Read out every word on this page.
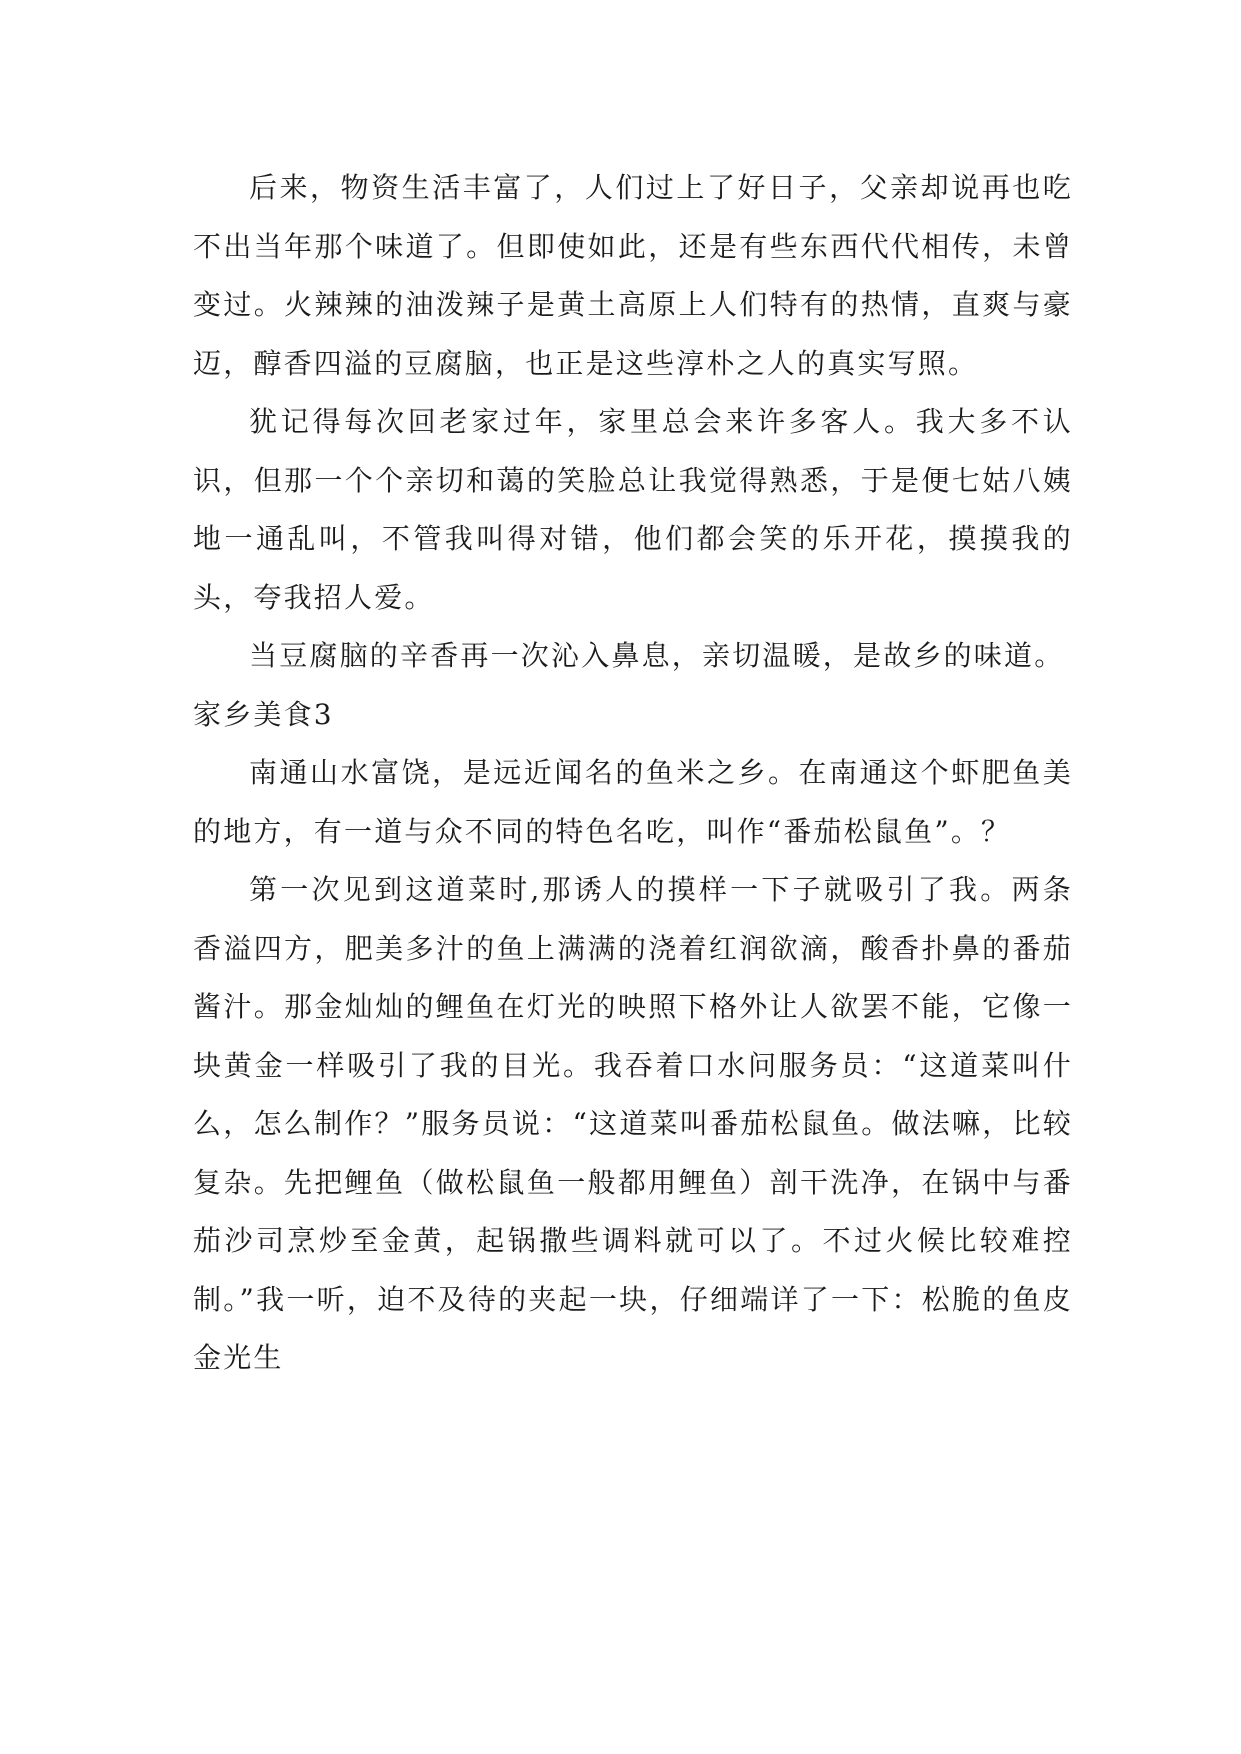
后来，物资生活丰富了，人们过上了好日子，父亲却说再也吃不出当年那个味道了。但即使如此，还是有些东西代代相传，未曾变过。火辣辣的油泼辣子是黄土高原上人们特有的热情，直爽与豪迈，醇香四溢的豆腐脑，也正是这些淳朴之人的真实写照。

犹记得每次回老家过年，家里总会来许多客人。我大多不认识，但那一个个亲切和蔼的笑脸总让我觉得熟悉，于是便七姑八姨地一通乱叫，不管我叫得对错，他们都会笑的乐开花，摸摸我的头，夸我招人爱。

当豆腐脑的辛香再一次沁入鼻息，亲切温暖，是故乡的味道。

家乡美食3

南通山水富饶，是远近闻名的鱼米之乡。在南通这个虾肥鱼美的地方，有一道与众不同的特色名吃，叫作“番茄松鼠鱼”。？

第一次见到这道菜时,那诱人的摸样一下子就吸引了我。两条香溢四方，肥美多汁的鱼上满满的浇着红润欲滴，酸香扑鼻的番茄酱汁。那金灿灿的鲤鱼在灯光的映照下格外让人欲罢不能，它像一块黄金一样吸引了我的目光。我吞着口水问服务员：“这道菜叫什么，怎么制作？”服务员说：“这道菜叫番茄松鼠鱼。做法嘛，比较复杂。先把鲤鱼（做松鼠鱼一般都用鲤鱼）剖干洗净，在锅中与番茄沙司烹炒至金黄，起锅撒些调料就可以了。不过火候比较难控制。”我一听，迫不及待的夹起一块，仔细端详了一下：松脆的鱼皮金光生
